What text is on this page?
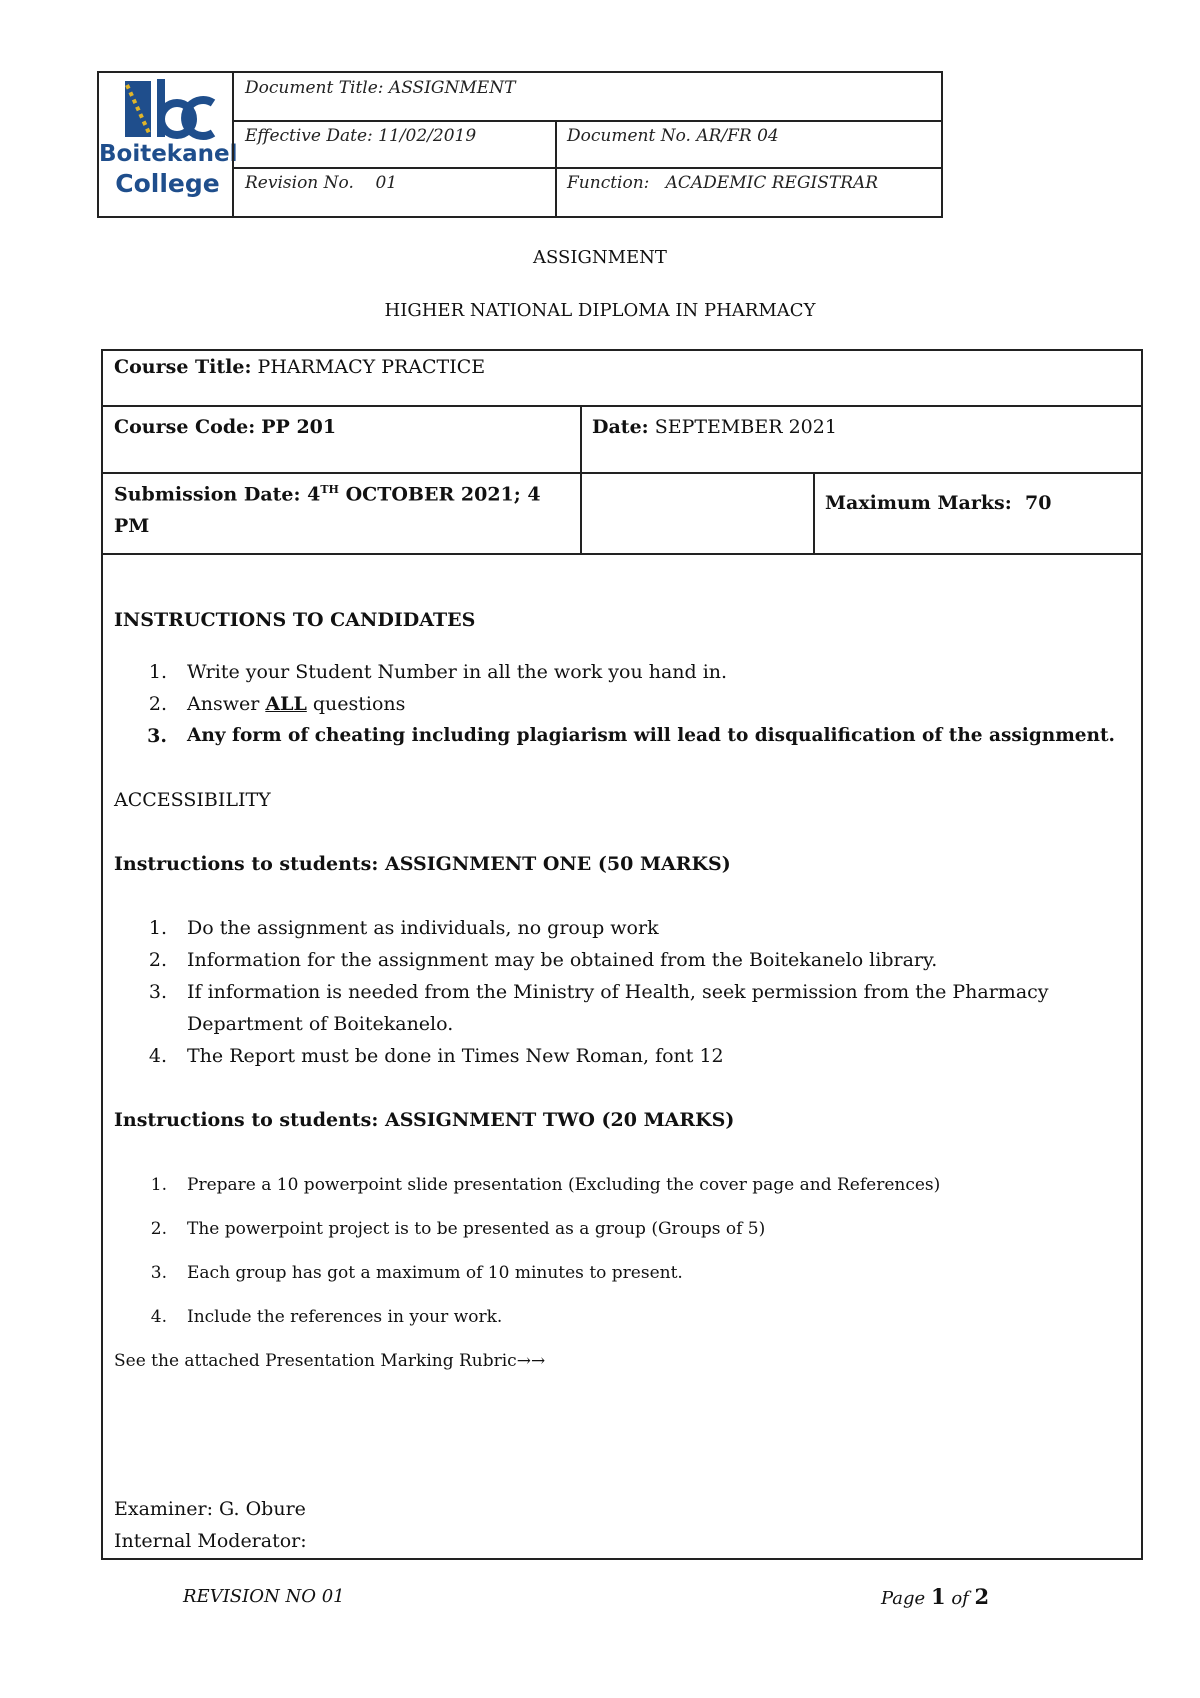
Boitekanel
College
Document Title: ASSIGNMENT
Effective Date: 11/02/2019	Document No. AR/FR 04
Revision No.    01	Function:   ACADEMIC REGISTRAR
ASSIGNMENT
HIGHER NATIONAL DIPLOMA IN PHARMACY
Course Title: PHARMACY PRACTICE
Course Code: PP 201	Date: SEPTEMBER 2021
Submission Date: 4TH OCTOBER 2021; 4
PM
Maximum Marks:  70
INSTRUCTIONS TO CANDIDATES
1. Write your Student Number in all the work you hand in.
2. Answer ALL questions
3. Any form of cheating including plagiarism will lead to disqualification of the assignment.
ACCESSIBILITY
Instructions to students: ASSIGNMENT ONE (50 MARKS)
1. Do the assignment as individuals, no group work
2. Information for the assignment may be obtained from the Boitekanelo library.
3. If information is needed from the Ministry of Health, seek permission from the Pharmacy
Department of Boitekanelo.
4. The Report must be done in Times New Roman, font 12
Instructions to students: ASSIGNMENT TWO (20 MARKS)
1. Prepare a 10 powerpoint slide presentation (Excluding the cover page and References)
2. The powerpoint project is to be presented as a group (Groups of 5)
3. Each group has got a maximum of 10 minutes to present.
4. Include the references in your work.
See the attached Presentation Marking Rubric→→
Examiner: G. Obure
Internal Moderator:
REVISION NO 01	Page 1 of 2
